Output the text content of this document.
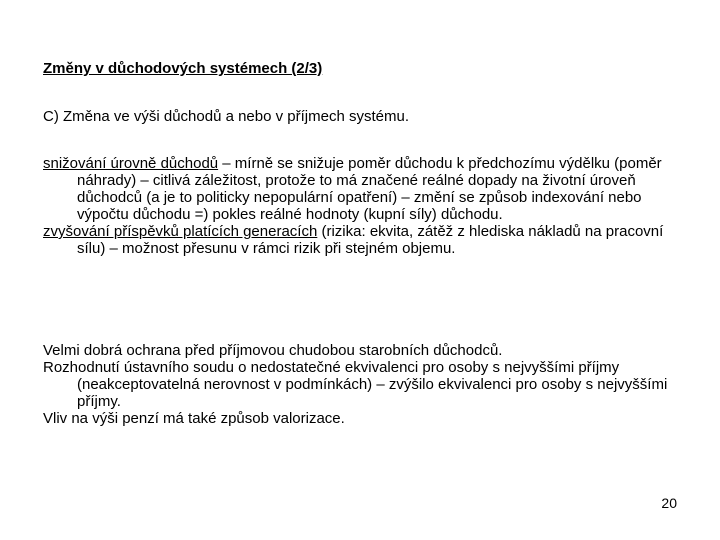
Změny v důchodových systémech (2/3)
C) Změna ve výši důchodů a nebo v příjmech systému.

snižování úrovně důchodů – mírně se snižuje poměr důchodu k předchozímu výdělku (poměr náhrady) – citlivá záležitost, protože to má značené reálné dopady na životní úroveň důchodců (a je to politicky nepopulární opatření) – změní se způsob indexování nebo výpočtu důchodu =) pokles reálné hodnoty (kupní síly) důchodu.

zvyšování příspěvků platících generacích (rizika: ekvita, zátěž z hlediska nákladů na pracovní sílu) – možnost přesunu v rámci rizik při stejném objemu.

Velmi dobrá ochrana před příjmovou chudobou starobních důchodců.

Rozhodnutí ústavního soudu o nedostatečné ekvivalenci pro osoby s nejvyššími příjmy (neakceptovatelná nerovnost v podmínkách) – zvýšilo ekvivalenci pro osoby s nejvyššími příjmy.

Vliv na výši penzí má také způsob valorizace.

20
